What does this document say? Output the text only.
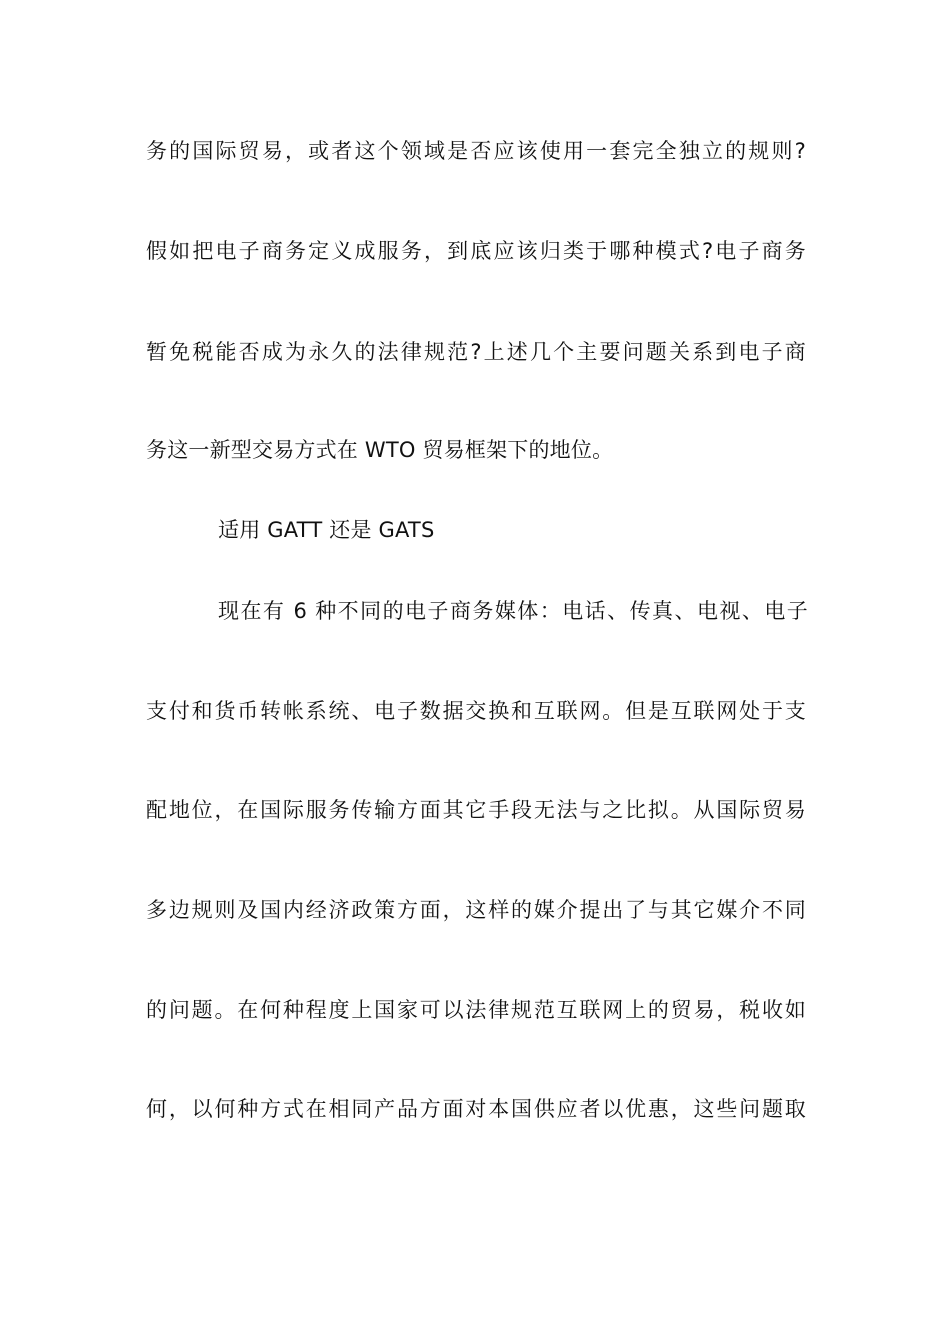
务的国际贸易，或者这个领域是否应该使用一套完全独立的规则?
假如把电子商务定义成服务，到底应该归类于哪种模式?电子商务
暂免税能否成为永久的法律规范?上述几个主要问题关系到电子商
务这一新型交易方式在 WTO 贸易框架下的地位。
适用 GATT 还是 GATS
现在有 6 种不同的电子商务媒体：电话、传真、电视、电子
支付和货币转帐系统、电子数据交换和互联网。但是互联网处于支
配地位，在国际服务传输方面其它手段无法与之比拟。从国际贸易
多边规则及国内经济政策方面，这样的媒介提出了与其它媒介不同
的问题。在何种程度上国家可以法律规范互联网上的贸易，税收如
何，以何种方式在相同产品方面对本国供应者以优惠，这些问题取
